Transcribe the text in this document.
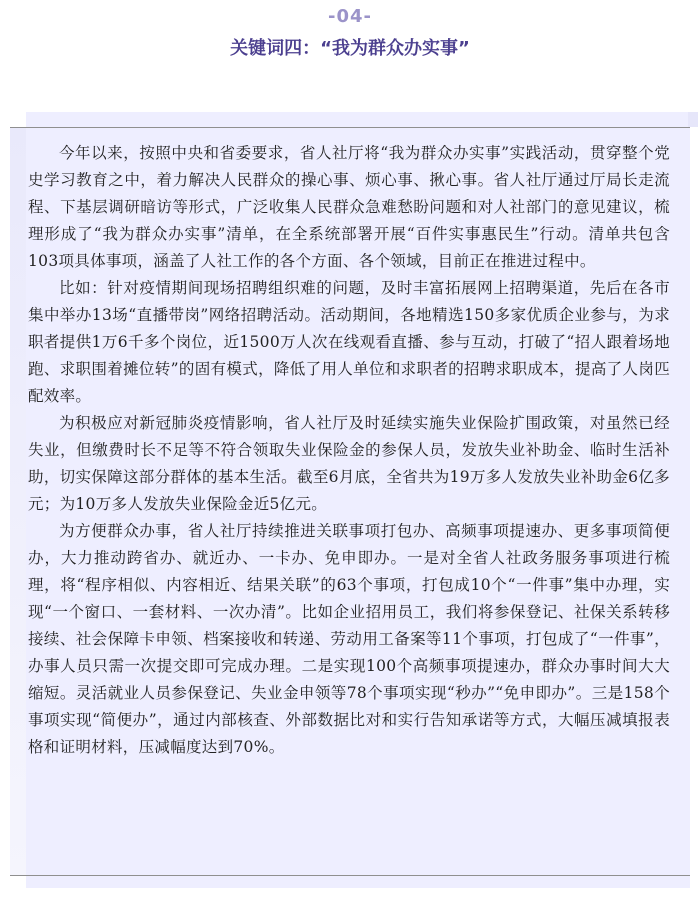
-04-
关键词四：“我为群众办实事”

今年以来，按照中央和省委要求，省人社厅将“我为群众办实事”实践活动，贯穿整个党史学习教育之中，着力解决人民群众的操心事、烦心事、揪心事。省人社厅通过厅局长走流程、下基层调研暗访等形式，广泛收集人民群众急难愁盼问题和对人社部门的意见建议，梳理形成了“我为群众办实事”清单，在全系统部署开展“百件实事惠民生”行动。清单共包含103项具体事项，涵盖了人社工作的各个方面、各个领域，目前正在推进过程中。

比如：针对疫情期间现场招聘组织难的问题，及时丰富拓展网上招聘渠道，先后在各市集中举办13场“直播带岗”网络招聘活动。活动期间，各地精选150多家优质企业参与，为求职者提供1万6千多个岗位，近1500万人次在线观看直播、参与互动，打破了“招人跟着场地跑、求职围着摊位转”的固有模式，降低了用人单位和求职者的招聘求职成本，提高了人岗匹配效率。

为积极应对新冠肺炎疫情影响，省人社厅及时延续实施失业保险扩围政策，对虽然已经失业，但缴费时长不足等不符合领取失业保险金的参保人员，发放失业补助金、临时生活补助，切实保障这部分群体的基本生活。截至6月底，全省共为19万多人发放失业补助金6亿多元；为10万多人发放失业保险金近5亿元。

为方便群众办事，省人社厅持续推进关联事项打包办、高频事项提速办、更多事项简便办，大力推动跨省办、就近办、一卡办、免申即办。一是对全省人社政务服务事项进行梳理，将“程序相似、内容相近、结果关联”的63个事项，打包成10个“一件事”集中办理，实现“一个窗口、一套材料、一次办清”。比如企业招用员工，我们将参保登记、社保关系转移接续、社会保障卡申领、档案接收和转递、劳动用工备案等11个事项，打包成了“一件事”，办事人员只需一次提交即可完成办理。二是实现100个高频事项提速办，群众办事时间大大缩短。灵活就业人员参保登记、失业金申领等78个事项实现“秒办”“免申即办”。三是158个事项实现“简便办”，通过内部核查、外部数据比对和实行告知承诺等方式，大幅压减填报表格和证明材料，压减幅度达到70%。
